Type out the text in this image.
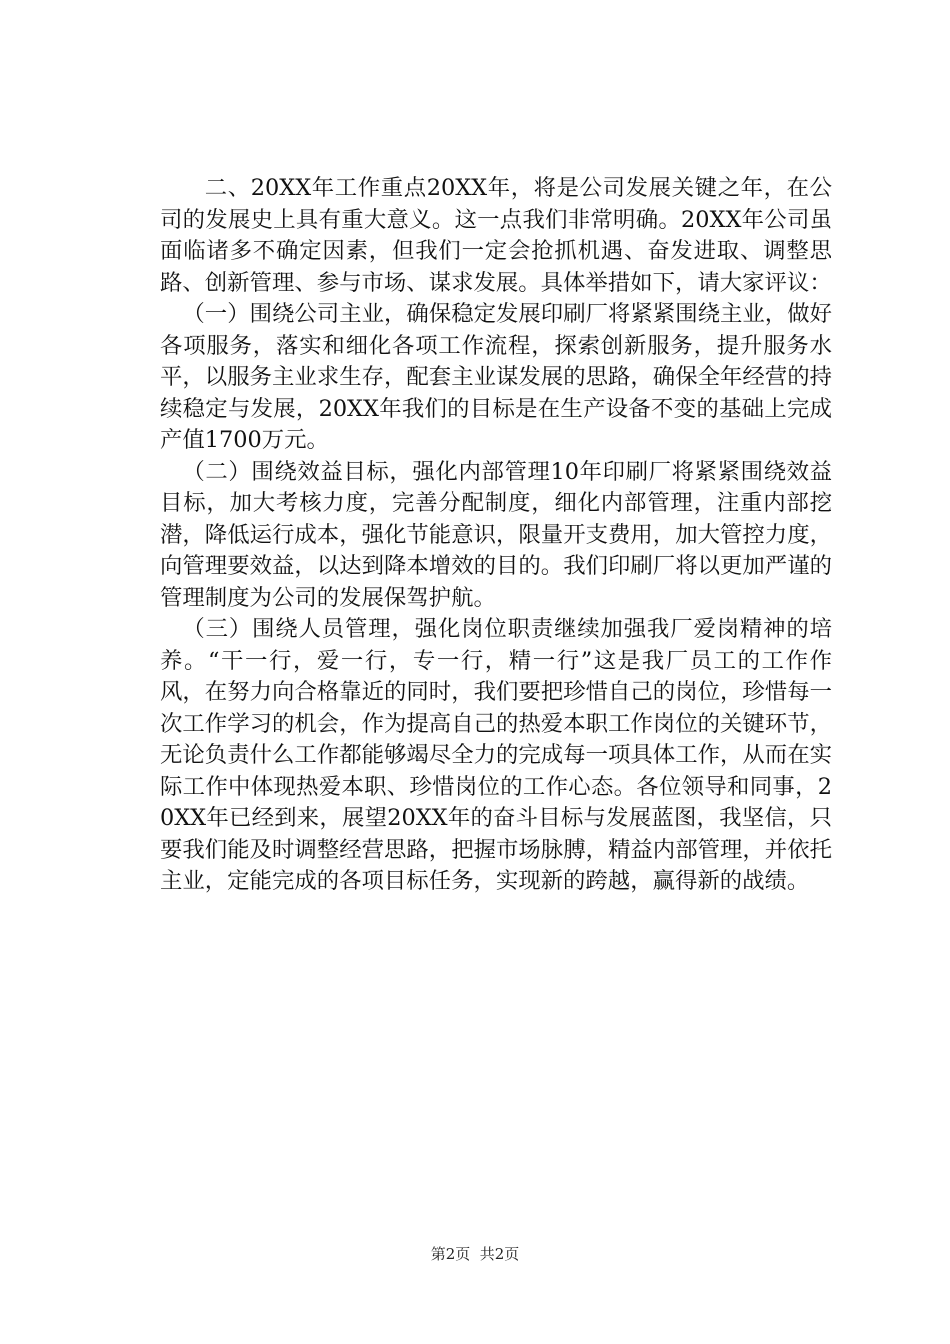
二、20XX年工作重点20XX年，将是公司发展关键之年，在公司的发展史上具有重大意义。这一点我们非常明确。20XX年公司虽面临诸多不确定因素，但我们一定会抢抓机遇、奋发进取、调整思路、创新管理、参与市场、谋求发展。具体举措如下，请大家评议：

（一）围绕公司主业，确保稳定发展印刷厂将紧紧围绕主业，做好各项服务，落实和细化各项工作流程，探索创新服务，提升服务水平，以服务主业求生存，配套主业谋发展的思路，确保全年经营的持续稳定与发展，20XX年我们的目标是在生产设备不变的基础上完成产值1700万元。

（二）围绕效益目标，强化内部管理10年印刷厂将紧紧围绕效益目标，加大考核力度，完善分配制度，细化内部管理，注重内部挖潜，降低运行成本，强化节能意识，限量开支费用，加大管控力度，向管理要效益，以达到降本增效的目的。我们印刷厂将以更加严谨的管理制度为公司的发展保驾护航。

（三）围绕人员管理，强化岗位职责继续加强我厂爱岗精神的培养。“干一行，爱一行，专一行，精一行”这是我厂员工的工作作风，在努力向合格靠近的同时，我们要把珍惜自己的岗位，珍惜每一次工作学习的机会，作为提高自己的热爱本职工作岗位的关键环节，无论负责什么工作都能够竭尽全力的完成每一项具体工作，从而在实际工作中体现热爱本职、珍惜岗位的工作心态。各位领导和同事，20XX年已经到来，展望20XX年的奋斗目标与发展蓝图，我坚信，只要我们能及时调整经营思路，把握市场脉膊，精益内部管理，并依托主业，定能完成的各项目标任务，实现新的跨越，赢得新的战绩。

第2页  共2页
